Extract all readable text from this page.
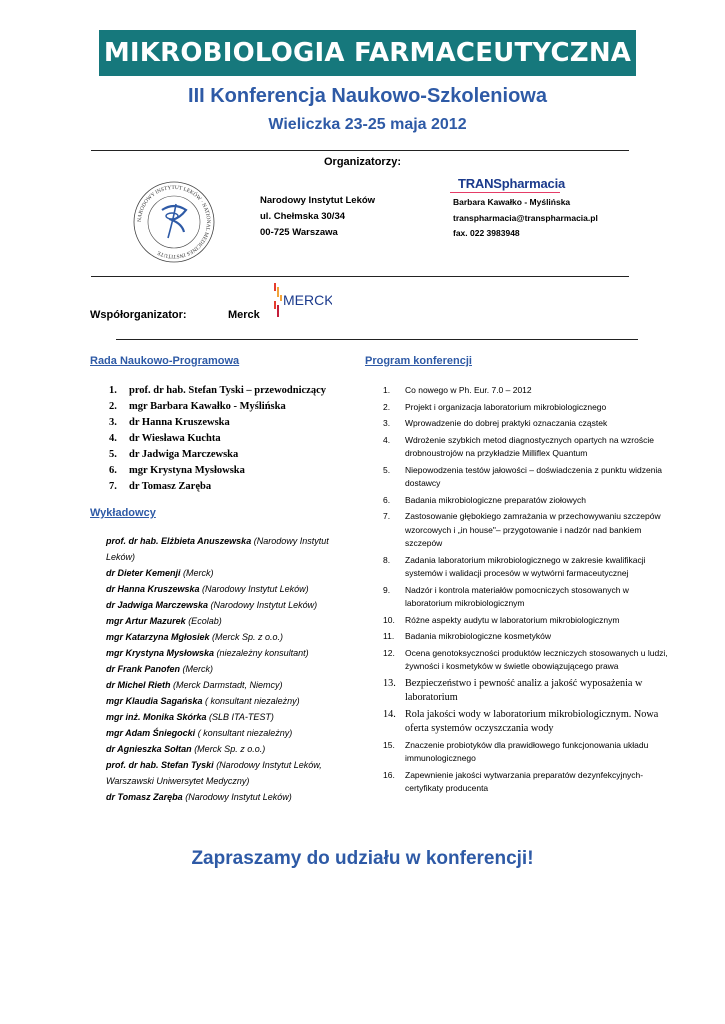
MIKROBIOLOGIA FARMACEUTYCZNA
III Konferencja Naukowo-Szkoleniowa
Wieliczka 23-25 maja 2012
Organizatorzy:
NARODOWY INSTYTUT LEKÓW · NATIONAL MEDICINES INSTITUTE
Narodowy Instytut Leków
ul. Chełmska 30/34
00-725 Warszawa
TRANSpharmacia
Barbara Kawałko - Myślińska
transpharmacia@transpharmacia.pl
fax. 022 3983948
Współorganizator:	Merck
MERCK
Rada Naukowo-Programowa
1. prof. dr hab. Stefan Tyski – przewodniczący
2. mgr Barbara Kawałko - Myślińska
3. dr Hanna Kruszewska
4. dr Wiesława Kuchta
5. dr Jadwiga Marczewska
6. mgr Krystyna Mysłowska
7. dr Tomasz Zaręba
Wykładowcy
prof. dr hab. Elżbieta Anuszewska (Narodowy Instytut Leków)
dr Dieter Kemenji (Merck)
dr Hanna Kruszewska (Narodowy Instytut Leków)
dr Jadwiga Marczewska (Narodowy Instytut Leków)
mgr Artur Mazurek (Ecolab)
mgr Katarzyna Mgłosiek (Merck Sp. z o.o.)
mgr Krystyna Mysłowska (niezależny konsultant)
dr Frank Panofen (Merck)
dr Michel Rieth (Merck Darmstadt, Niemcy)
mgr Klaudia Sagańska ( konsultant niezależny)
mgr inż. Monika Skórka (SLB ITA-TEST)
mgr Adam Śniegocki ( konsultant niezależny)
dr Agnieszka Sołtan (Merck Sp. z o.o.)
prof. dr hab. Stefan Tyski (Narodowy Instytut Leków, Warszawski Uniwersytet Medyczny)
dr Tomasz Zaręba (Narodowy Instytut Leków)
Program konferencji
1. Co nowego w Ph. Eur. 7.0 – 2012
2. Projekt i organizacja laboratorium mikrobiologicznego
3. Wprowadzenie do dobrej praktyki oznaczania cząstek
4. Wdrożenie szybkich metod diagnostycznych opartych na wzroście drobnoustrojów na przykładzie Milliflex Quantum
5. Niepowodzenia testów jałowości – doświadczenia z punktu widzenia dostawcy
6. Badania mikrobiologiczne preparatów ziołowych
7. Zastosowanie głębokiego zamrażania w przechowywaniu szczepów wzorcowych i „in house"– przygotowanie i nadzór nad bankiem szczepów
8. Zadania laboratorium mikrobiologicznego w zakresie kwalifikacji systemów i walidacji procesów w wytwórni farmaceutycznej
9. Nadzór i kontrola materiałów pomocniczych stosowanych w laboratorium mikrobiologicznym
10. Różne aspekty audytu w laboratorium mikrobiologicznym
11. Badania mikrobiologiczne kosmetyków
12. Ocena genotoksyczności produktów leczniczych stosowanych u ludzi, żywności i kosmetyków w świetle obowiązującego prawa
13. Bezpieczeństwo i pewność analiz a jakość wyposażenia w laboratorium
14. Rola jakości wody w laboratorium mikrobiologicznym. Nowa oferta systemów oczyszczania wody
15. Znaczenie probiotyków dla prawidłowego funkcjonowania układu immunologicznego
16. Zapewnienie jakości wytwarzania preparatów dezynfekcyjnych- certyfikaty producenta
Zapraszamy do udziału w konferencji!
